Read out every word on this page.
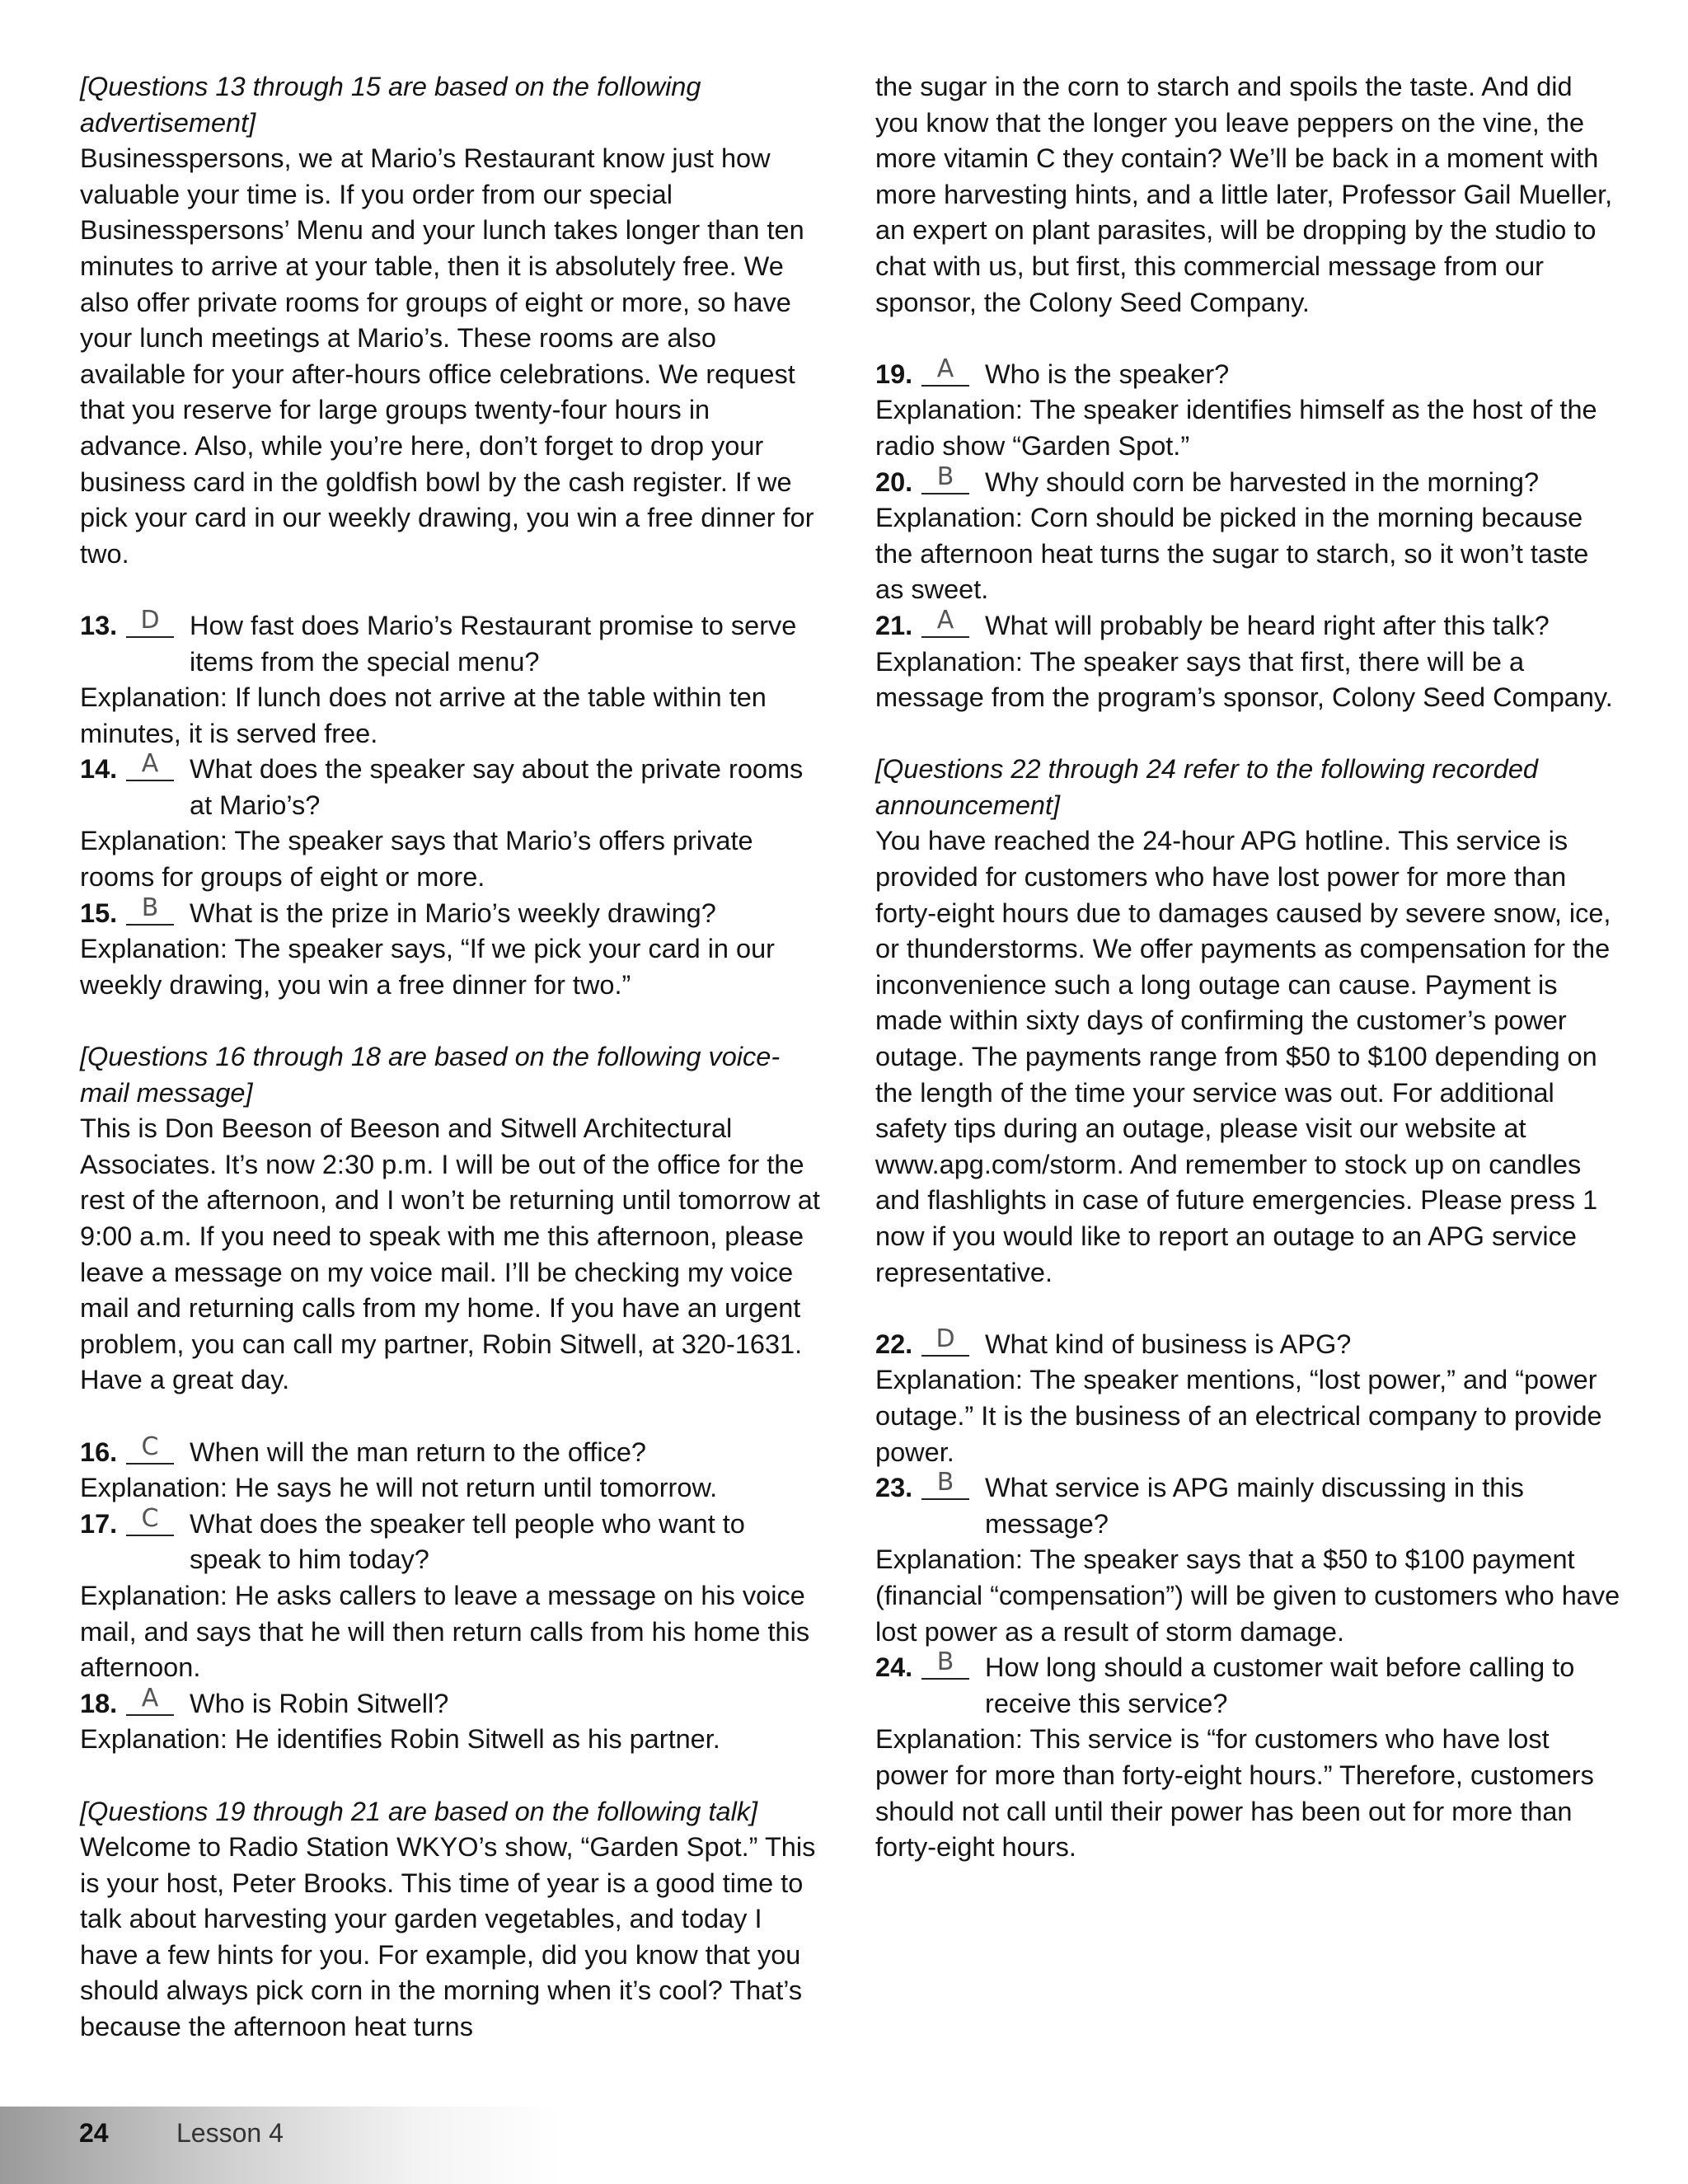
[Questions 13 through 15 are based on the following advertisement]

Businesspersons, we at Mario’s Restaurant know just how valuable your time is. If you order from our special Businesspersons’ Menu and your lunch takes longer than ten minutes to arrive at your table, then it is absolutely free. We also offer private rooms for groups of eight or more, so have your lunch meetings at Mario’s. These rooms are also available for your after-hours office celebrations. We request that you reserve for large groups twenty-four hours in advance. Also, while you’re here, don’t forget to drop your business card in the goldfish bowl by the cash register. If we pick your card in our weekly drawing, you win a free dinner for two.

13. D	How fast does Mario’s Restaurant promise to serve items from the special menu?

Explanation: If lunch does not arrive at the table within ten minutes, it is served free.

14. A	What does the speaker say about the private rooms at Mario’s?

Explanation: The speaker says that Mario’s offers private rooms for groups of eight or more.

15. B	What is the prize in Mario’s weekly drawing?

Explanation: The speaker says, “If we pick your card in our weekly drawing, you win a free dinner for two.”

[Questions 16 through 18 are based on the following voice-mail message]

This is Don Beeson of Beeson and Sitwell Architectural Associates. It’s now 2:30 p.m. I will be out of the office for the rest of the afternoon, and I won’t be returning until tomorrow at 9:00 a.m. If you need to speak with me this afternoon, please leave a message on my voice mail. I’ll be checking my voice mail and returning calls from my home. If you have an urgent problem, you can call my partner, Robin Sitwell, at 320-1631. Have a great day.

16. C	When will the man return to the office?

Explanation: He says he will not return until tomorrow.

17. C	What does the speaker tell people who want to speak to him today?

Explanation: He asks callers to leave a message on his voice mail, and says that he will then return calls from his home this afternoon.

18. A	Who is Robin Sitwell?

Explanation: He identifies Robin Sitwell as his partner.

[Questions 19 through 21 are based on the following talk]

Welcome to Radio Station WKYO’s show, “Garden Spot.” This is your host, Peter Brooks. This time of year is a good time to talk about harvesting your garden vegetables, and today I have a few hints for you. For example, did you know that you should always pick corn in the morning when it’s cool? That’s because the afternoon heat turns

the sugar in the corn to starch and spoils the taste. And did you know that the longer you leave peppers on the vine, the more vitamin C they contain? We’ll be back in a moment with more harvesting hints, and a little later, Professor Gail Mueller, an expert on plant parasites, will be dropping by the studio to chat with us, but first, this commercial message from our sponsor, the Colony Seed Company.

19. A	Who is the speaker?

Explanation: The speaker identifies himself as the host of the radio show “Garden Spot.”

20. B	Why should corn be harvested in the morning?

Explanation: Corn should be picked in the morning because the afternoon heat turns the sugar to starch, so it won’t taste as sweet.

21. A	What will probably be heard right after this talk?

Explanation: The speaker says that first, there will be a message from the program’s sponsor, Colony Seed Company.

[Questions 22 through 24 refer to the following recorded announcement]

You have reached the 24-hour APG hotline. This service is provided for customers who have lost power for more than forty-eight hours due to damages caused by severe snow, ice, or thunderstorms. We offer payments as compensation for the inconvenience such a long outage can cause. Payment is made within sixty days of confirming the customer’s power outage. The payments range from $50 to $100 depending on the length of the time your service was out. For additional safety tips during an outage, please visit our website at www.apg.com/storm. And remember to stock up on candles and flashlights in case of future emergencies. Please press 1 now if you would like to report an outage to an APG service representative.

22. D	What kind of business is APG?

Explanation: The speaker mentions, “lost power,” and “power outage.” It is the business of an electrical company to provide power.

23. B	What service is APG mainly discussing in this message?

Explanation: The speaker says that a $50 to $100 payment (financial “compensation”) will be given to customers who have lost power as a result of storm damage.

24. B	How long should a customer wait before calling to receive this service?

Explanation: This service is “for customers who have lost power for more than forty-eight hours.” Therefore, customers should not call until their power has been out for more than forty-eight hours.

24	Lesson 4
